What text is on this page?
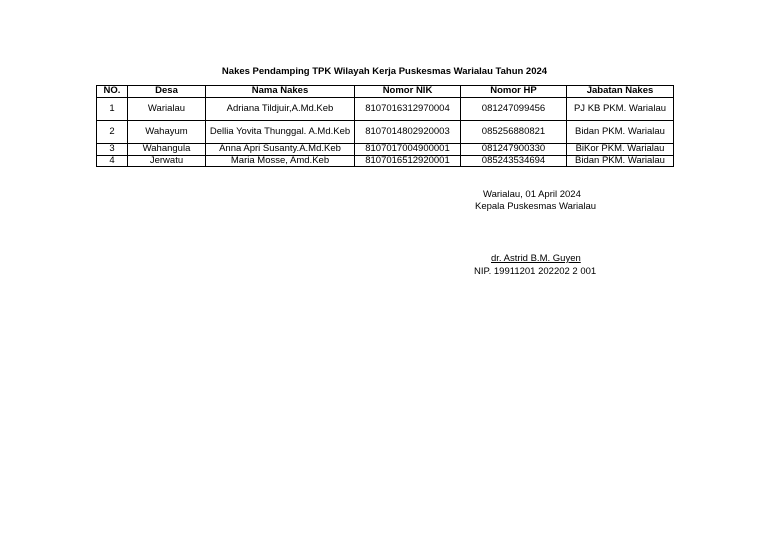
Nakes Pendamping TPK Wilayah Kerja Puskesmas Warialau Tahun 2024
NO.	Desa	Nama Nakes	Nomor NIK	Nomor HP	Jabatan Nakes
1	Warialau	Adriana Tildjuir,A.Md.Keb	8107016312970004	081247099456	PJ KB PKM. Warialau
2	Wahayum	Dellia Yovita Thunggal. A.Md.Keb	8107014802920003	085256880821	Bidan PKM. Warialau
3	Wahangula	Anna Apri Susanty.A.Md.Keb	8107017004900001	081247900330	BiKor PKM. Warialau
4	Jerwatu	Maria Mosse, Amd.Keb	8107016512920001	085243534694	Bidan PKM. Warialau
Warialau, 01 April 2024
Kepala Puskesmas Warialau
dr. Astrid B.M. Guyen
NIP. 19911201 202202 2 001
